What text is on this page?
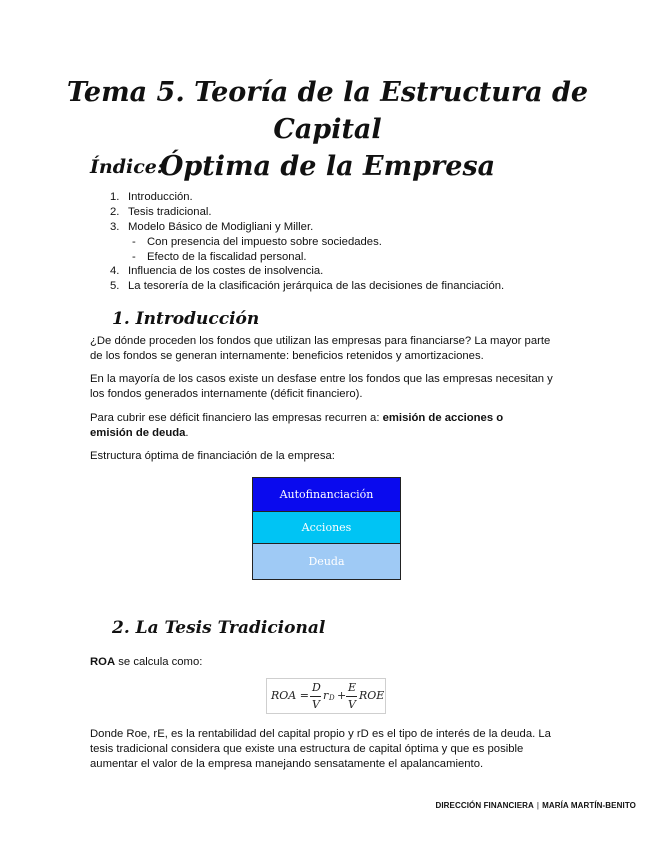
Tema 5. Teoría de la Estructura de Capital
Óptima de la Empresa
Índice:
1. Introducción.
2. Tesis tradicional.
3. Modelo Básico de Modigliani y Miller.
- Con presencia del impuesto sobre sociedades.
- Efecto de la fiscalidad personal.
4. Influencia de los costes de insolvencia.
5. La tesorería de la clasificación jerárquica de las decisiones de financiación.
1. Introducción
¿De dónde proceden los fondos que utilizan las empresas para financiarse? La mayor parte de los fondos se generan internamente: beneficios retenidos y amortizaciones.
En la mayoría de los casos existe un desfase entre los fondos que las empresas necesitan y los fondos generados internamente (déficit financiero).
Para cubrir ese déficit financiero las empresas recurren a: emisión de acciones o emisión de deuda.
Estructura óptima de financiación de la empresa:
Autofinanciación
Acciones
Deuda
2. La Tesis Tradicional
ROA se calcula como:
ROA =
D
V
r D +
E
V
ROE
Donde Roe, rE, es la rentabilidad del capital propio y rD es el tipo de interés de la deuda. La tesis tradicional considera que existe una estructura de capital óptima y que es posible aumentar el valor de la empresa manejando sensatamente el apalancamiento.
DIRECCIÓN FINANCIERA | MARÍA MARTÍN-BENITO
